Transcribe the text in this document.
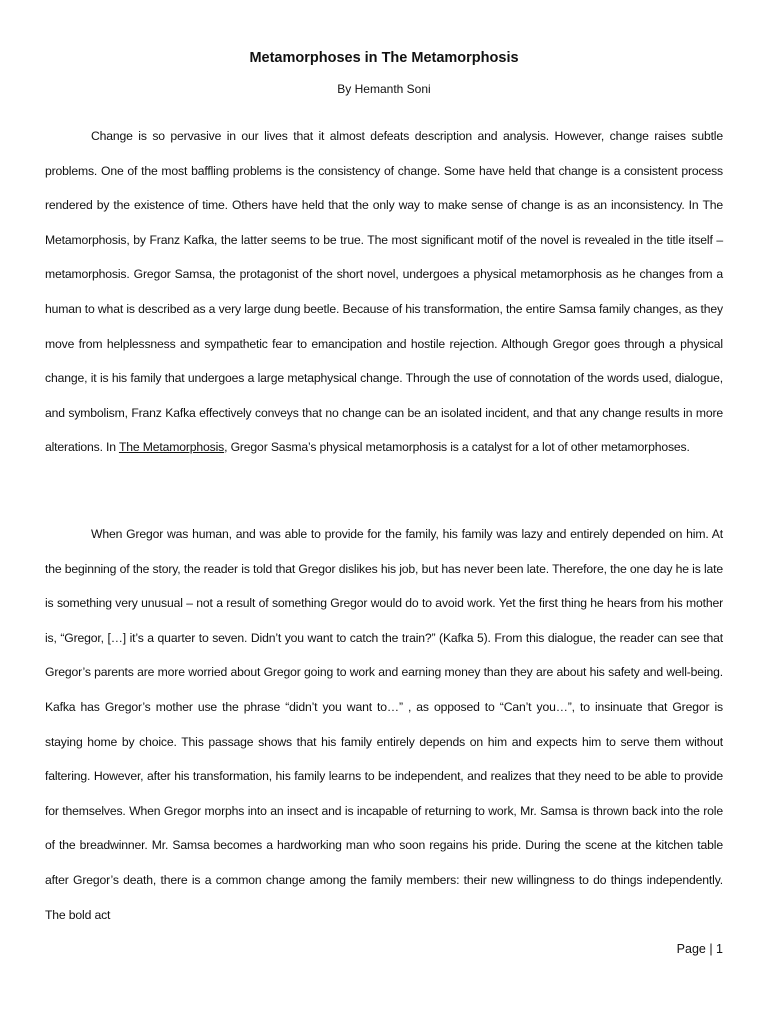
Metamorphoses in The Metamorphosis

By Hemanth Soni

Change is so pervasive in our lives that it almost defeats description and analysis. However, change raises subtle problems. One of the most baffling problems is the consistency of change. Some have held that change is a consistent process rendered by the existence of time. Others have held that the only way to make sense of change is as an inconsistency. In The Metamorphosis, by Franz Kafka, the latter seems to be true. The most significant motif of the novel is revealed in the title itself – metamorphosis. Gregor Samsa, the protagonist of the short novel, undergoes a physical metamorphosis as he changes from a human to what is described as a very large dung beetle. Because of his transformation, the entire Samsa family changes, as they move from helplessness and sympathetic fear to emancipation and hostile rejection. Although Gregor goes through a physical change, it is his family that undergoes a large metaphysical change. Through the use of connotation of the words used, dialogue, and symbolism, Franz Kafka effectively conveys that no change can be an isolated incident, and that any change results in more alterations. In The Metamorphosis, Gregor Sasma’s physical metamorphosis is a catalyst for a lot of other metamorphoses.

When Gregor was human, and was able to provide for the family, his family was lazy and entirely depended on him. At the beginning of the story, the reader is told that Gregor dislikes his job, but has never been late. Therefore, the one day he is late is something very unusual – not a result of something Gregor would do to avoid work. Yet the first thing he hears from his mother is, “Gregor, […] it’s a quarter to seven. Didn’t you want to catch the train?” (Kafka 5). From this dialogue, the reader can see that Gregor’s parents are more worried about Gregor going to work and earning money than they are about his safety and well-being. Kafka has Gregor’s mother use the phrase “didn’t you want to…” , as opposed to “Can’t you…”, to insinuate that Gregor is staying home by choice. This passage shows that his family entirely depends on him and expects him to serve them without faltering. However, after his transformation, his family learns to be independent, and realizes that they need to be able to provide for themselves. When Gregor morphs into an insect and is incapable of returning to work, Mr. Samsa is thrown back into the role of the breadwinner. Mr. Samsa becomes a hardworking man who soon regains his pride. During the scene at the kitchen table after Gregor’s death, there is a common change among the family members: their new willingness to do things independently. The bold act

Page | 1
